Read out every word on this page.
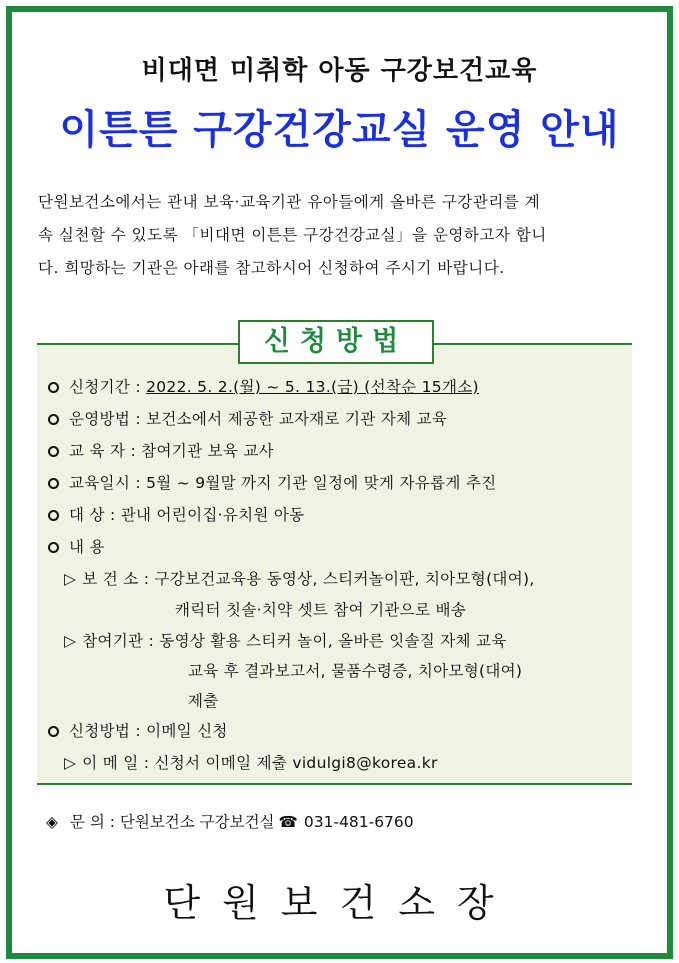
비대면 미취학 아동 구강보건교육
이튼튼 구강건강교실 운영 안내

단원보건소에서는 관내 보육·교육기관 유아들에게 올바른 구강관리를 계

속 실천할 수 있도록 「비대면 이튼튼 구강건강교실」을 운영하고자 합니

다. 희망하는 기관은 아래를 참고하시어 신청하여 주시기 바랍니다.

신청방법
신청기간 : 2022. 5. 2.(월) ~ 5. 13.(금) (선착순 15개소)
운영방법 : 보건소에서 제공한 교자재로 기관 자체 교육
교 육 자 : 참여기관 보육 교사
교육일시 : 5월 ~ 9월말 까지 기관 일정에 맞게 자유롭게 추진
대 상 : 관내 어린이집·유치원 아동
내 용
▷ 보 건 소 : 구강보건교육용 동영상, 스티커놀이판, 치아모형(대여),
캐릭터 칫솔·치약 셋트 참여 기관으로 배송
▷ 참여기관 : 동영상 활용 스티커 놀이, 올바른 잇솔질 자체 교육
교육 후 결과보고서, 물품수령증, 치아모형(대여)
제출
신청방법 : 이메일 신청
▷ 이 메 일 : 신청서 이메일 제출 vidulgi8@korea.kr
◈ 문 의 : 단원보건소 구강보건실 ☎ 031-481-6760
단원보건소장
